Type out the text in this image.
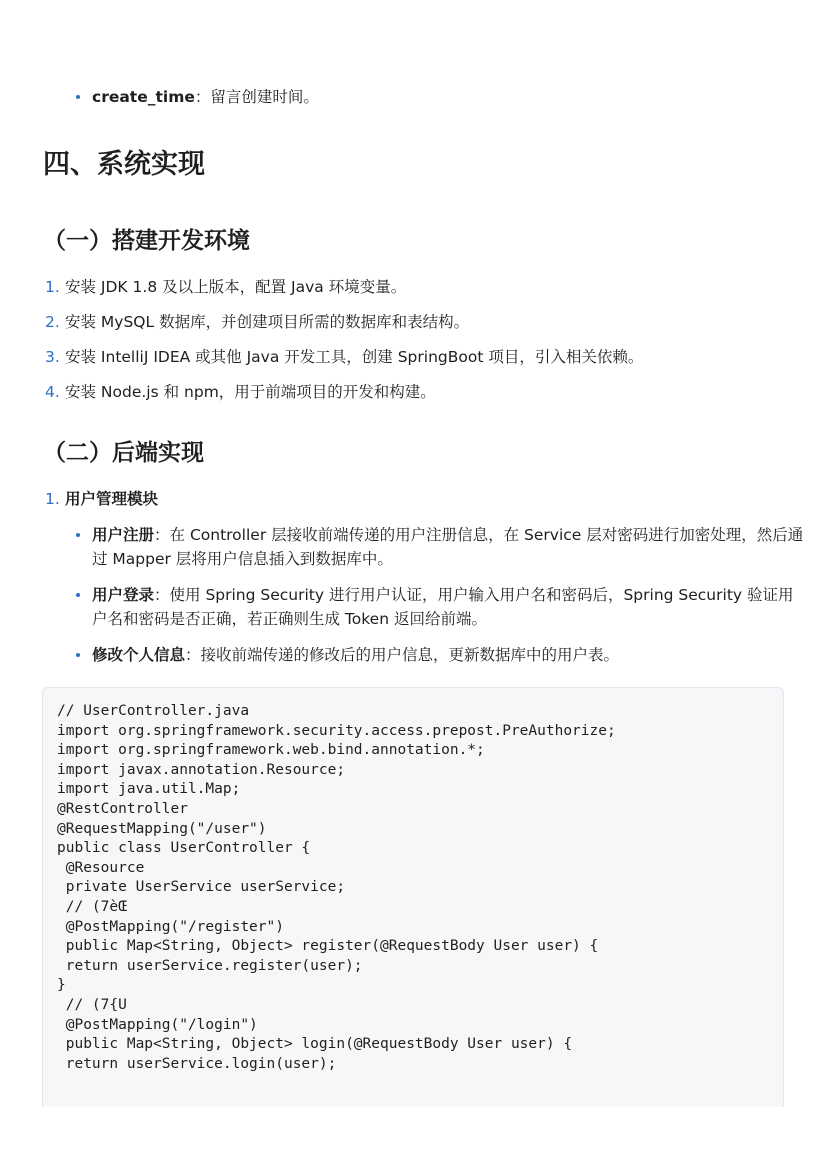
create_time：留言创建时间。
四、系统实现
（一）搭建开发环境
1. 安装 JDK 1.8 及以上版本，配置 Java 环境变量。
2. 安装 MySQL 数据库，并创建项目所需的数据库和表结构。
3. 安装 IntelliJ IDEA 或其他 Java 开发工具，创建 SpringBoot 项目，引入相关依赖。
4. 安装 Node.js 和 npm，用于前端项目的开发和构建。
（二）后端实现
1. 用户管理模块
用户注册：在 Controller 层接收前端传递的用户注册信息，在 Service 层对密码进行加密处理，然后通过 Mapper 层将用户信息插入到数据库中。
用户登录：使用 Spring Security 进行用户认证，用户输入用户名和密码后，Spring Security 验证用户名和密码是否正确，若正确则生成 Token 返回给前端。
修改个人信息：接收前端传递的修改后的用户信息，更新数据库中的用户表。
// UserController.java
import org.springframework.security.access.prepost.PreAuthorize;
import org.springframework.web.bind.annotation.*;
import javax.annotation.Resource;
import java.util.Map;
@RestController
@RequestMapping("/user")
public class UserController {
@Resource
private UserService userService;
// (7èŒ
@PostMapping("/register")
public Map<String, Object> register(@RequestBody User user) {
return userService.register(user);
}
// (7{U
@PostMapping("/login")
public Map<String, Object> login(@RequestBody User user) {
return userService.login(user);
